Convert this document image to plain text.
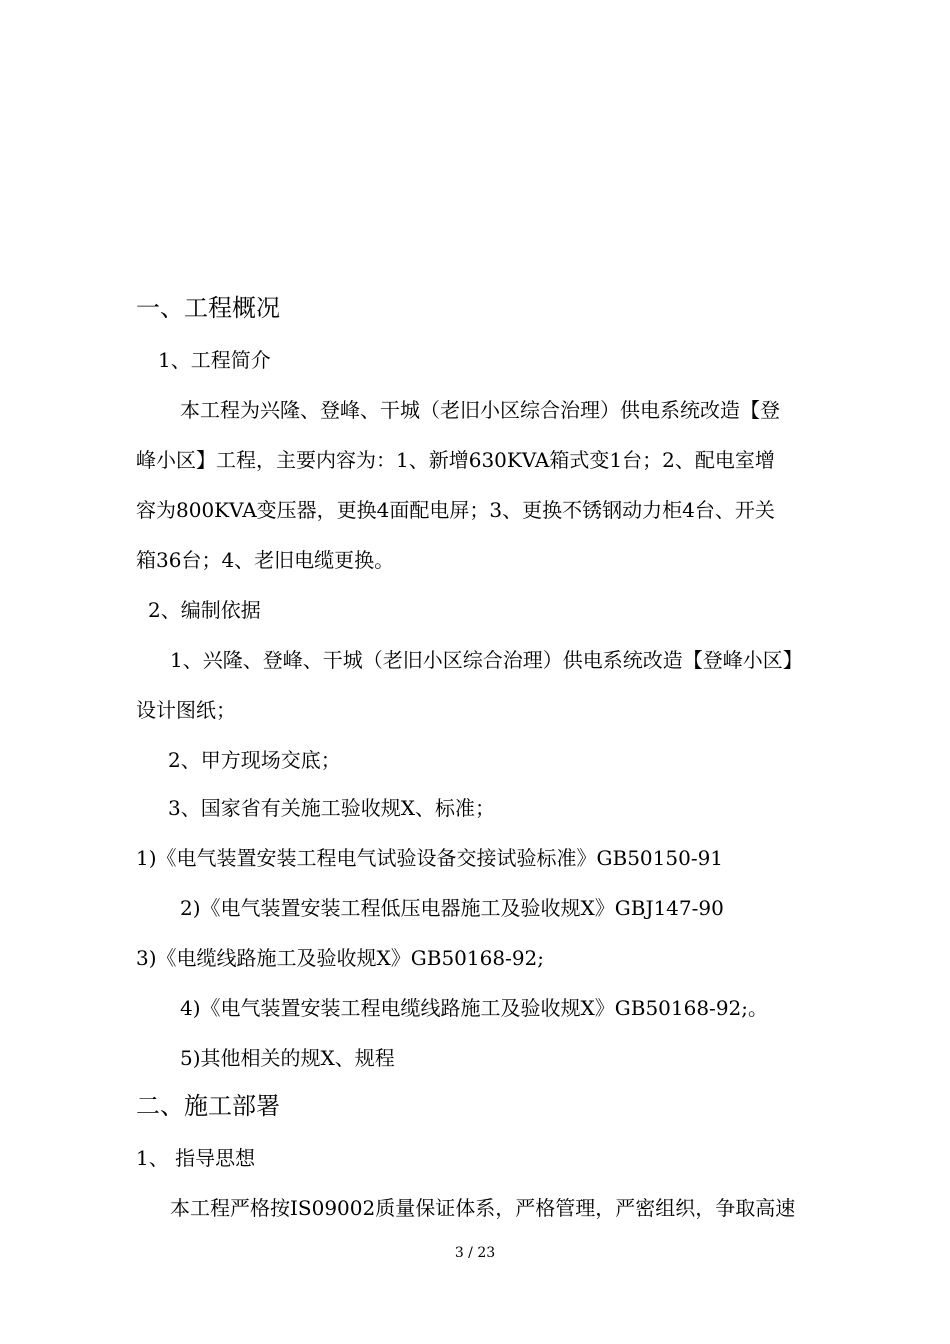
一、工程概况
1、工程简介
本工程为兴隆、登峰、干城（老旧小区综合治理）供电系统改造【登
峰小区】工程，主要内容为：1、新增630KVA箱式变1台；2、配电室增
容为800KVA变压器，更换4面配电屏；3、更换不锈钢动力柜4台、开关
箱36台；4、老旧电缆更换。
2、编制依据
1、兴隆、登峰、干城（老旧小区综合治理）供电系统改造【登峰小区】
设计图纸；
2、甲方现场交底；
3、国家省有关施工验收规X、标准；
1)《电气装置安装工程电气试验设备交接试验标准》GB50150-91
2)《电气装置安装工程低压电器施工及验收规X》GBJ147-90
3)《电缆线路施工及验收规X》GB50168-92;
4)《电气装置安装工程电缆线路施工及验收规X》GB50168-92;。
5)其他相关的规X、规程
二、施工部署
1、 指导思想
本工程严格按IS09002质量保证体系，严格管理，严密组织，争取高速
3 / 23
